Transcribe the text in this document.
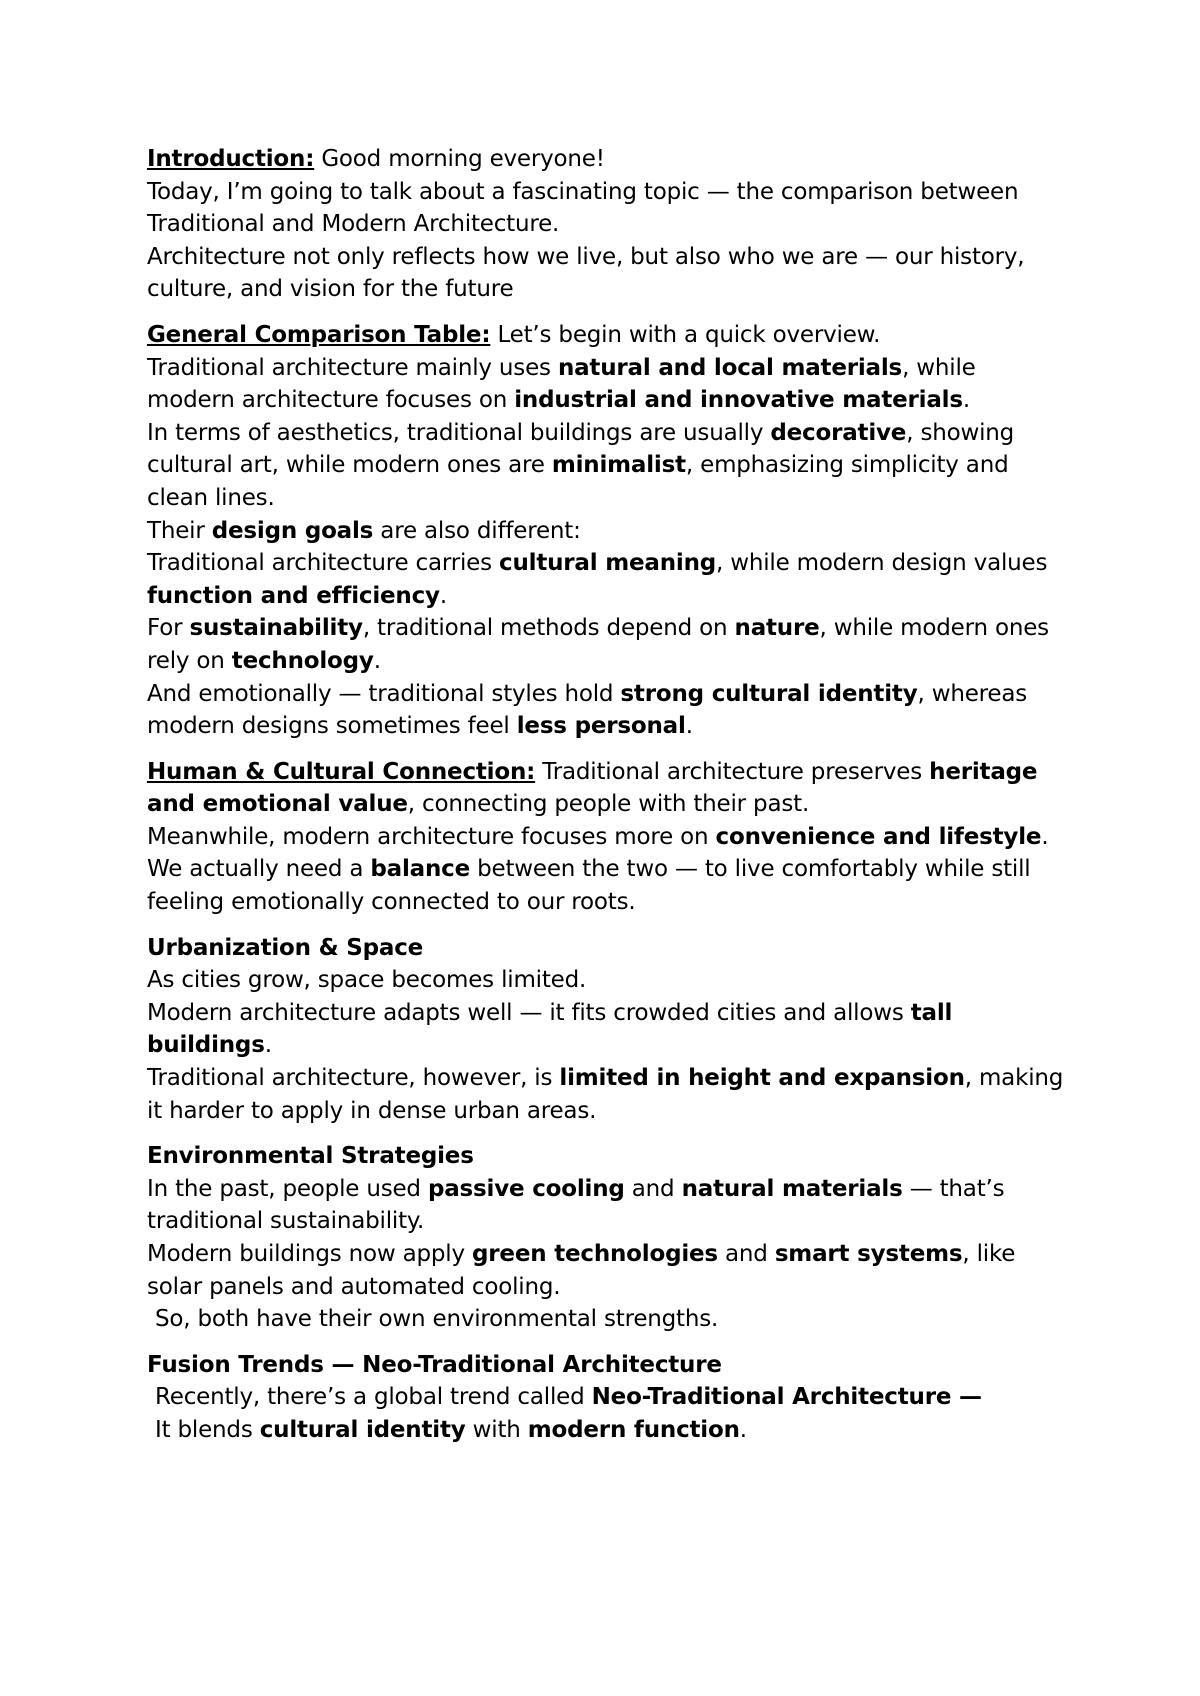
Introduction: Good morning everyone!
Today, I’m going to talk about a fascinating topic — the comparison between Traditional and Modern Architecture.
Architecture not only reflects how we live, but also who we are — our history, culture, and vision for the future
General Comparison Table: Let’s begin with a quick overview.
Traditional architecture mainly uses natural and local materials, while modern architecture focuses on industrial and innovative materials.
In terms of aesthetics, traditional buildings are usually decorative, showing cultural art, while modern ones are minimalist, emphasizing simplicity and clean lines.
Their design goals are also different:
Traditional architecture carries cultural meaning, while modern design values function and efficiency.
For sustainability, traditional methods depend on nature, while modern ones rely on technology.
And emotionally — traditional styles hold strong cultural identity, whereas modern designs sometimes feel less personal.
Human & Cultural Connection: Traditional architecture preserves heritage and emotional value, connecting people with their past.
Meanwhile, modern architecture focuses more on convenience and lifestyle.
We actually need a balance between the two — to live comfortably while still feeling emotionally connected to our roots.
Urbanization & Space
As cities grow, space becomes limited.
Modern architecture adapts well — it fits crowded cities and allows tall buildings.
Traditional architecture, however, is limited in height and expansion, making it harder to apply in dense urban areas.
Environmental Strategies
In the past, people used passive cooling and natural materials — that’s traditional sustainability.
Modern buildings now apply green technologies and smart systems, like solar panels and automated cooling.
So, both have their own environmental strengths.
Fusion Trends — Neo-Traditional Architecture
Recently, there’s a global trend called Neo-Traditional Architecture —
It blends cultural identity with modern function.
